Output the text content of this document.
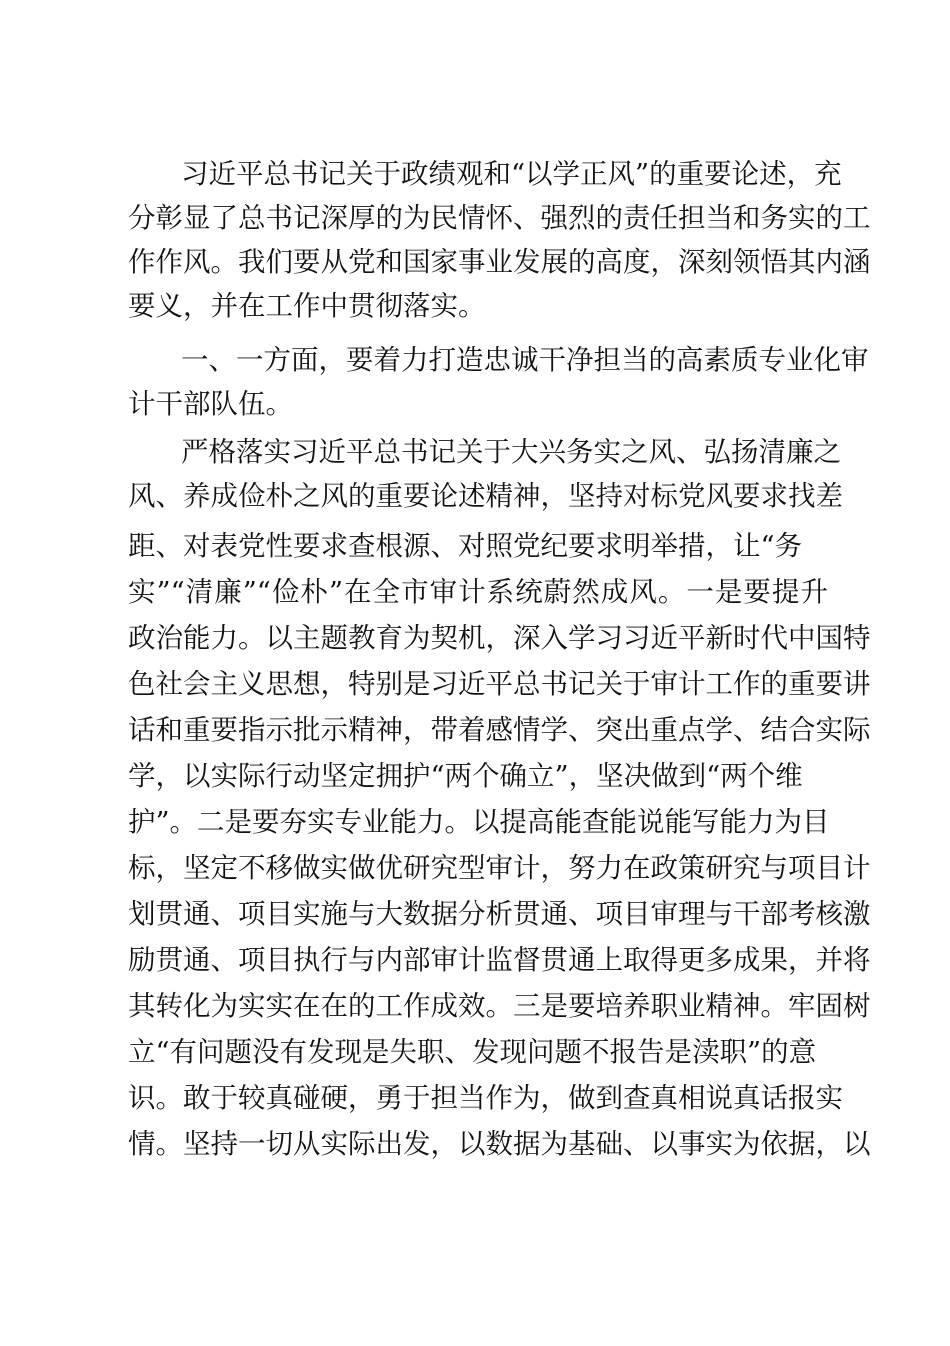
习近平总书记关于政绩观和“以学正风”的重要论述，充
分彰显了总书记深厚的为民情怀、强烈的责任担当和务实的工
作作风。我们要从党和国家事业发展的高度，深刻领悟其内涵
要义，并在工作中贯彻落实。
一、一方面，要着力打造忠诚干净担当的高素质专业化审
计干部队伍。
严格落实习近平总书记关于大兴务实之风、弘扬清廉之
风、养成俭朴之风的重要论述精神，坚持对标党风要求找差
距、对表党性要求查根源、对照党纪要求明举措，让“务
实”“清廉”“俭朴”在全市审计系统蔚然成风。一是要提升
政治能力。以主题教育为契机，深入学习习近平新时代中国特
色社会主义思想，特别是习近平总书记关于审计工作的重要讲
话和重要指示批示精神，带着感情学、突出重点学、结合实际
学，以实际行动坚定拥护“两个确立”，坚决做到“两个维
护”。二是要夯实专业能力。以提高能查能说能写能力为目
标，坚定不移做实做优研究型审计，努力在政策研究与项目计
划贯通、项目实施与大数据分析贯通、项目审理与干部考核激
励贯通、项目执行与内部审计监督贯通上取得更多成果，并将
其转化为实实在在的工作成效。三是要培养职业精神。牢固树
立“有问题没有发现是失职、发现问题不报告是渎职”的意
识。敢于较真碰硬，勇于担当作为，做到查真相说真话报实
情。坚持一切从实际出发，以数据为基础、以事实为依据，以
